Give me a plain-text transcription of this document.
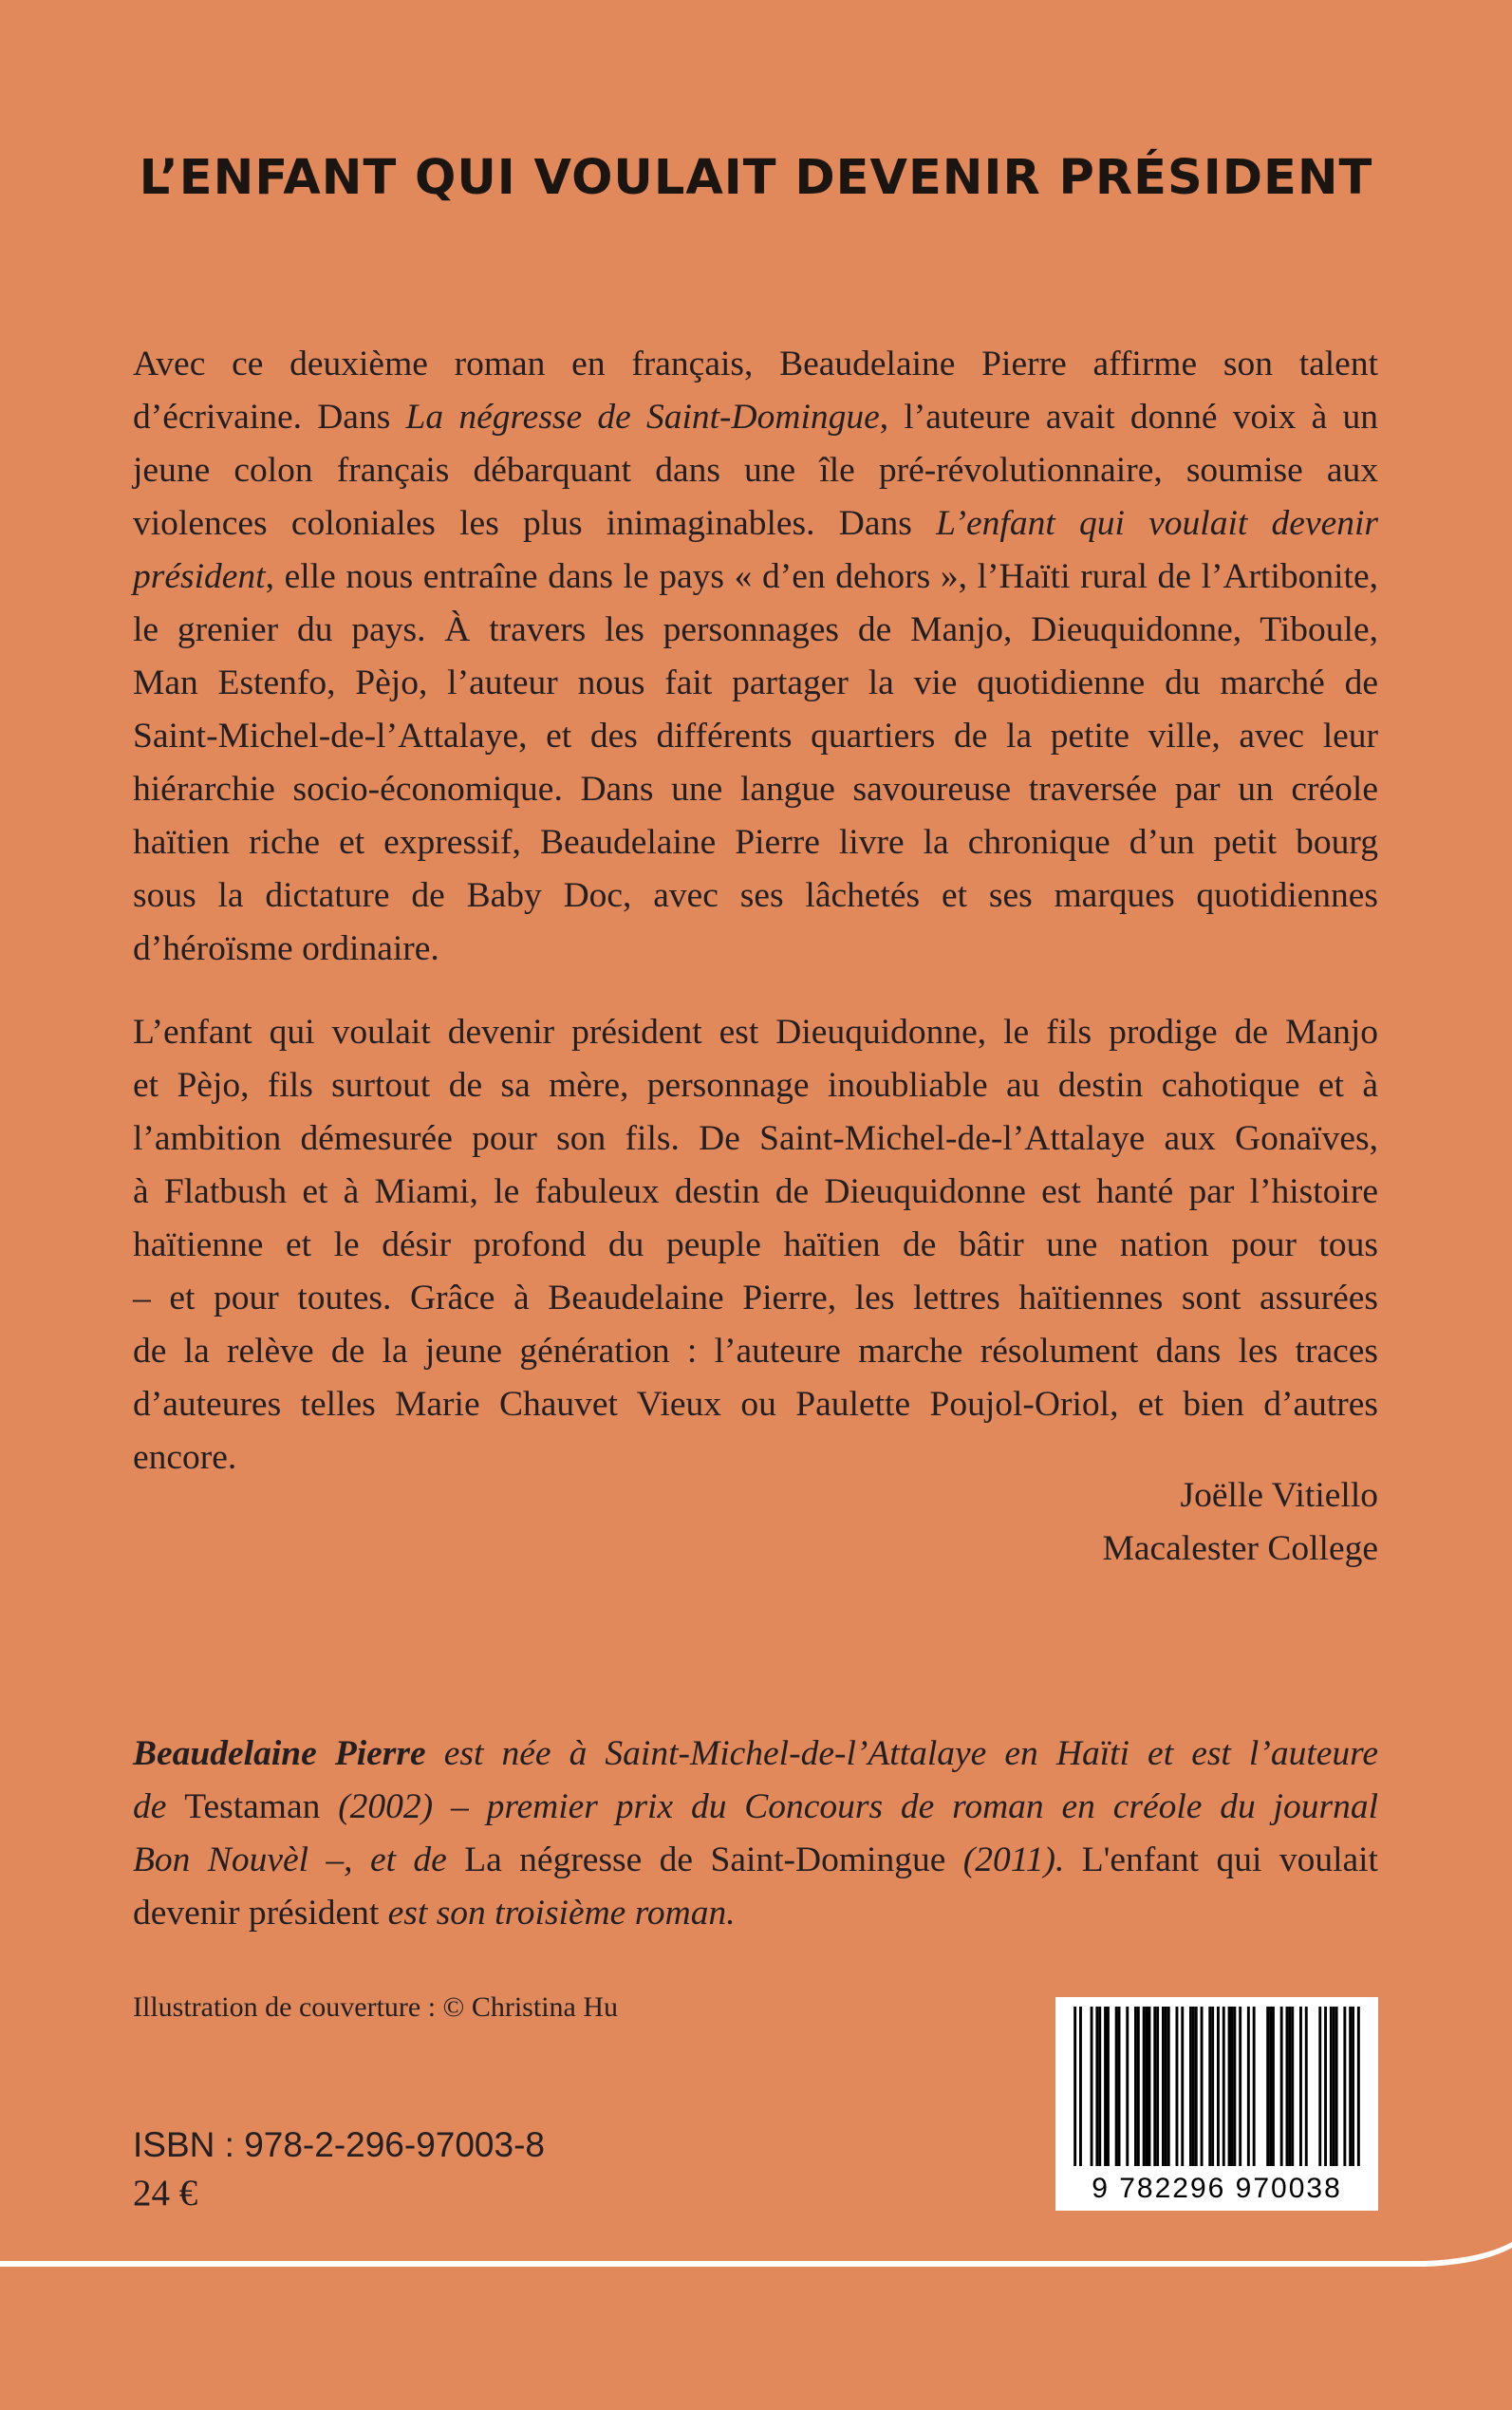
L’ENFANT QUI VOULAIT DEVENIR PRÉSIDENT

Avec ce deuxième roman en français, Beaudelaine Pierre affirme son talent
d’écrivaine. Dans La négresse de Saint-Domingue, l’auteure avait donné voix à un
jeune colon français débarquant dans une île pré-révolutionnaire, soumise aux
violences coloniales les plus inimaginables. Dans L’enfant qui voulait devenir
président, elle nous entraîne dans le pays « d’en dehors », l’Haïti rural de l’Artibonite,
le grenier du pays. À travers les personnages de Manjo, Dieuquidonne, Tiboule,
Man Estenfo, Pèjo, l’auteur nous fait partager la vie quotidienne du marché de
Saint-Michel-de-l’Attalaye, et des différents quartiers de la petite ville, avec leur
hiérarchie socio-économique. Dans une langue savoureuse traversée par un créole
haïtien riche et expressif, Beaudelaine Pierre livre la chronique d’un petit bourg
sous la dictature de Baby Doc, avec ses lâchetés et ses marques quotidiennes
d’héroïsme ordinaire.

L’enfant qui voulait devenir président est Dieuquidonne, le fils prodige de Manjo
et Pèjo, fils surtout de sa mère, personnage inoubliable au destin cahotique et à
l’ambition démesurée pour son fils. De Saint-Michel-de-l’Attalaye aux Gonaïves,
à Flatbush et à Miami, le fabuleux destin de Dieuquidonne est hanté par l’histoire
haïtienne et le désir profond du peuple haïtien de bâtir une nation pour tous
– et pour toutes. Grâce à Beaudelaine Pierre, les lettres haïtiennes sont assurées
de la relève de la jeune génération : l’auteure marche résolument dans les traces
d’auteures telles Marie Chauvet Vieux ou Paulette Poujol-Oriol, et bien d’autres
encore.

Joëlle Vitiello
Macalester College

Beaudelaine Pierre est née à Saint-Michel-de-l’Attalaye en Haïti et est l’auteure
de Testaman (2002) – premier prix du Concours de roman en créole du journal
Bon Nouvèl –, et de La négresse de Saint-Domingue (2011). L'enfant qui voulait
devenir président est son troisième roman.

Illustration de couverture : © Christina Hu

ISBN : 978-2-296-97003-8

24 €	9 782296 970038
